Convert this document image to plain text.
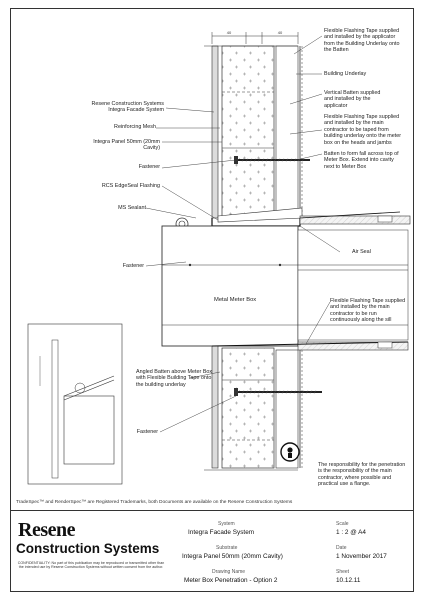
40	40	Flexible Flashing Tape supplied
and installed by the applicator
from the Building Underlay onto
the Batten
Building Underlay
Resene Construction Systems
Integra Facade System
Vertical Batten supplied
and installed by the
applicator
Reinforcing Mesh
Flexible Flashing Tape supplied
and installed by the main
contractor to be taped from
building underlay onto the meter
box on the heads and jambs
Integra Panel 50mm (20mm
Cavity)
Batten to form fall across top of
Meter Box. Extend into cavity
next to Meter Box
Fastener
RCS EdgeSeal Flashing
MS Sealant
Air Seal
Fastener
Metal Meter Box	Flexible Flashing Tape supplied
and installed by the main
contractor to be run
continuously along the sill
Angled Batten above Meter Box
with Flexible Building Tape onto
the building underlay
Fastener
The responsibility for the penetration
is the responsibility of the main
contractor, where possible and
practical use a flange.
TradeSpec™ and RenderSpec™ are Registered Trademarks, both Documents are available on the Resene Construction Systems
Resene
Construction Systems
CONFIDENTIALITY: No part of this publication may be reproduced or transmitted other than the intended use by Resene Construction Systems without written consent from the author.
System
Integra Facade System
Substrate
Integra Panel 50mm (20mm Cavity)
Drawing Name
Meter Box Penetration - Option 2
Scale
1 : 2 @ A4
Date
1 November 2017
Sheet
10.12.11
